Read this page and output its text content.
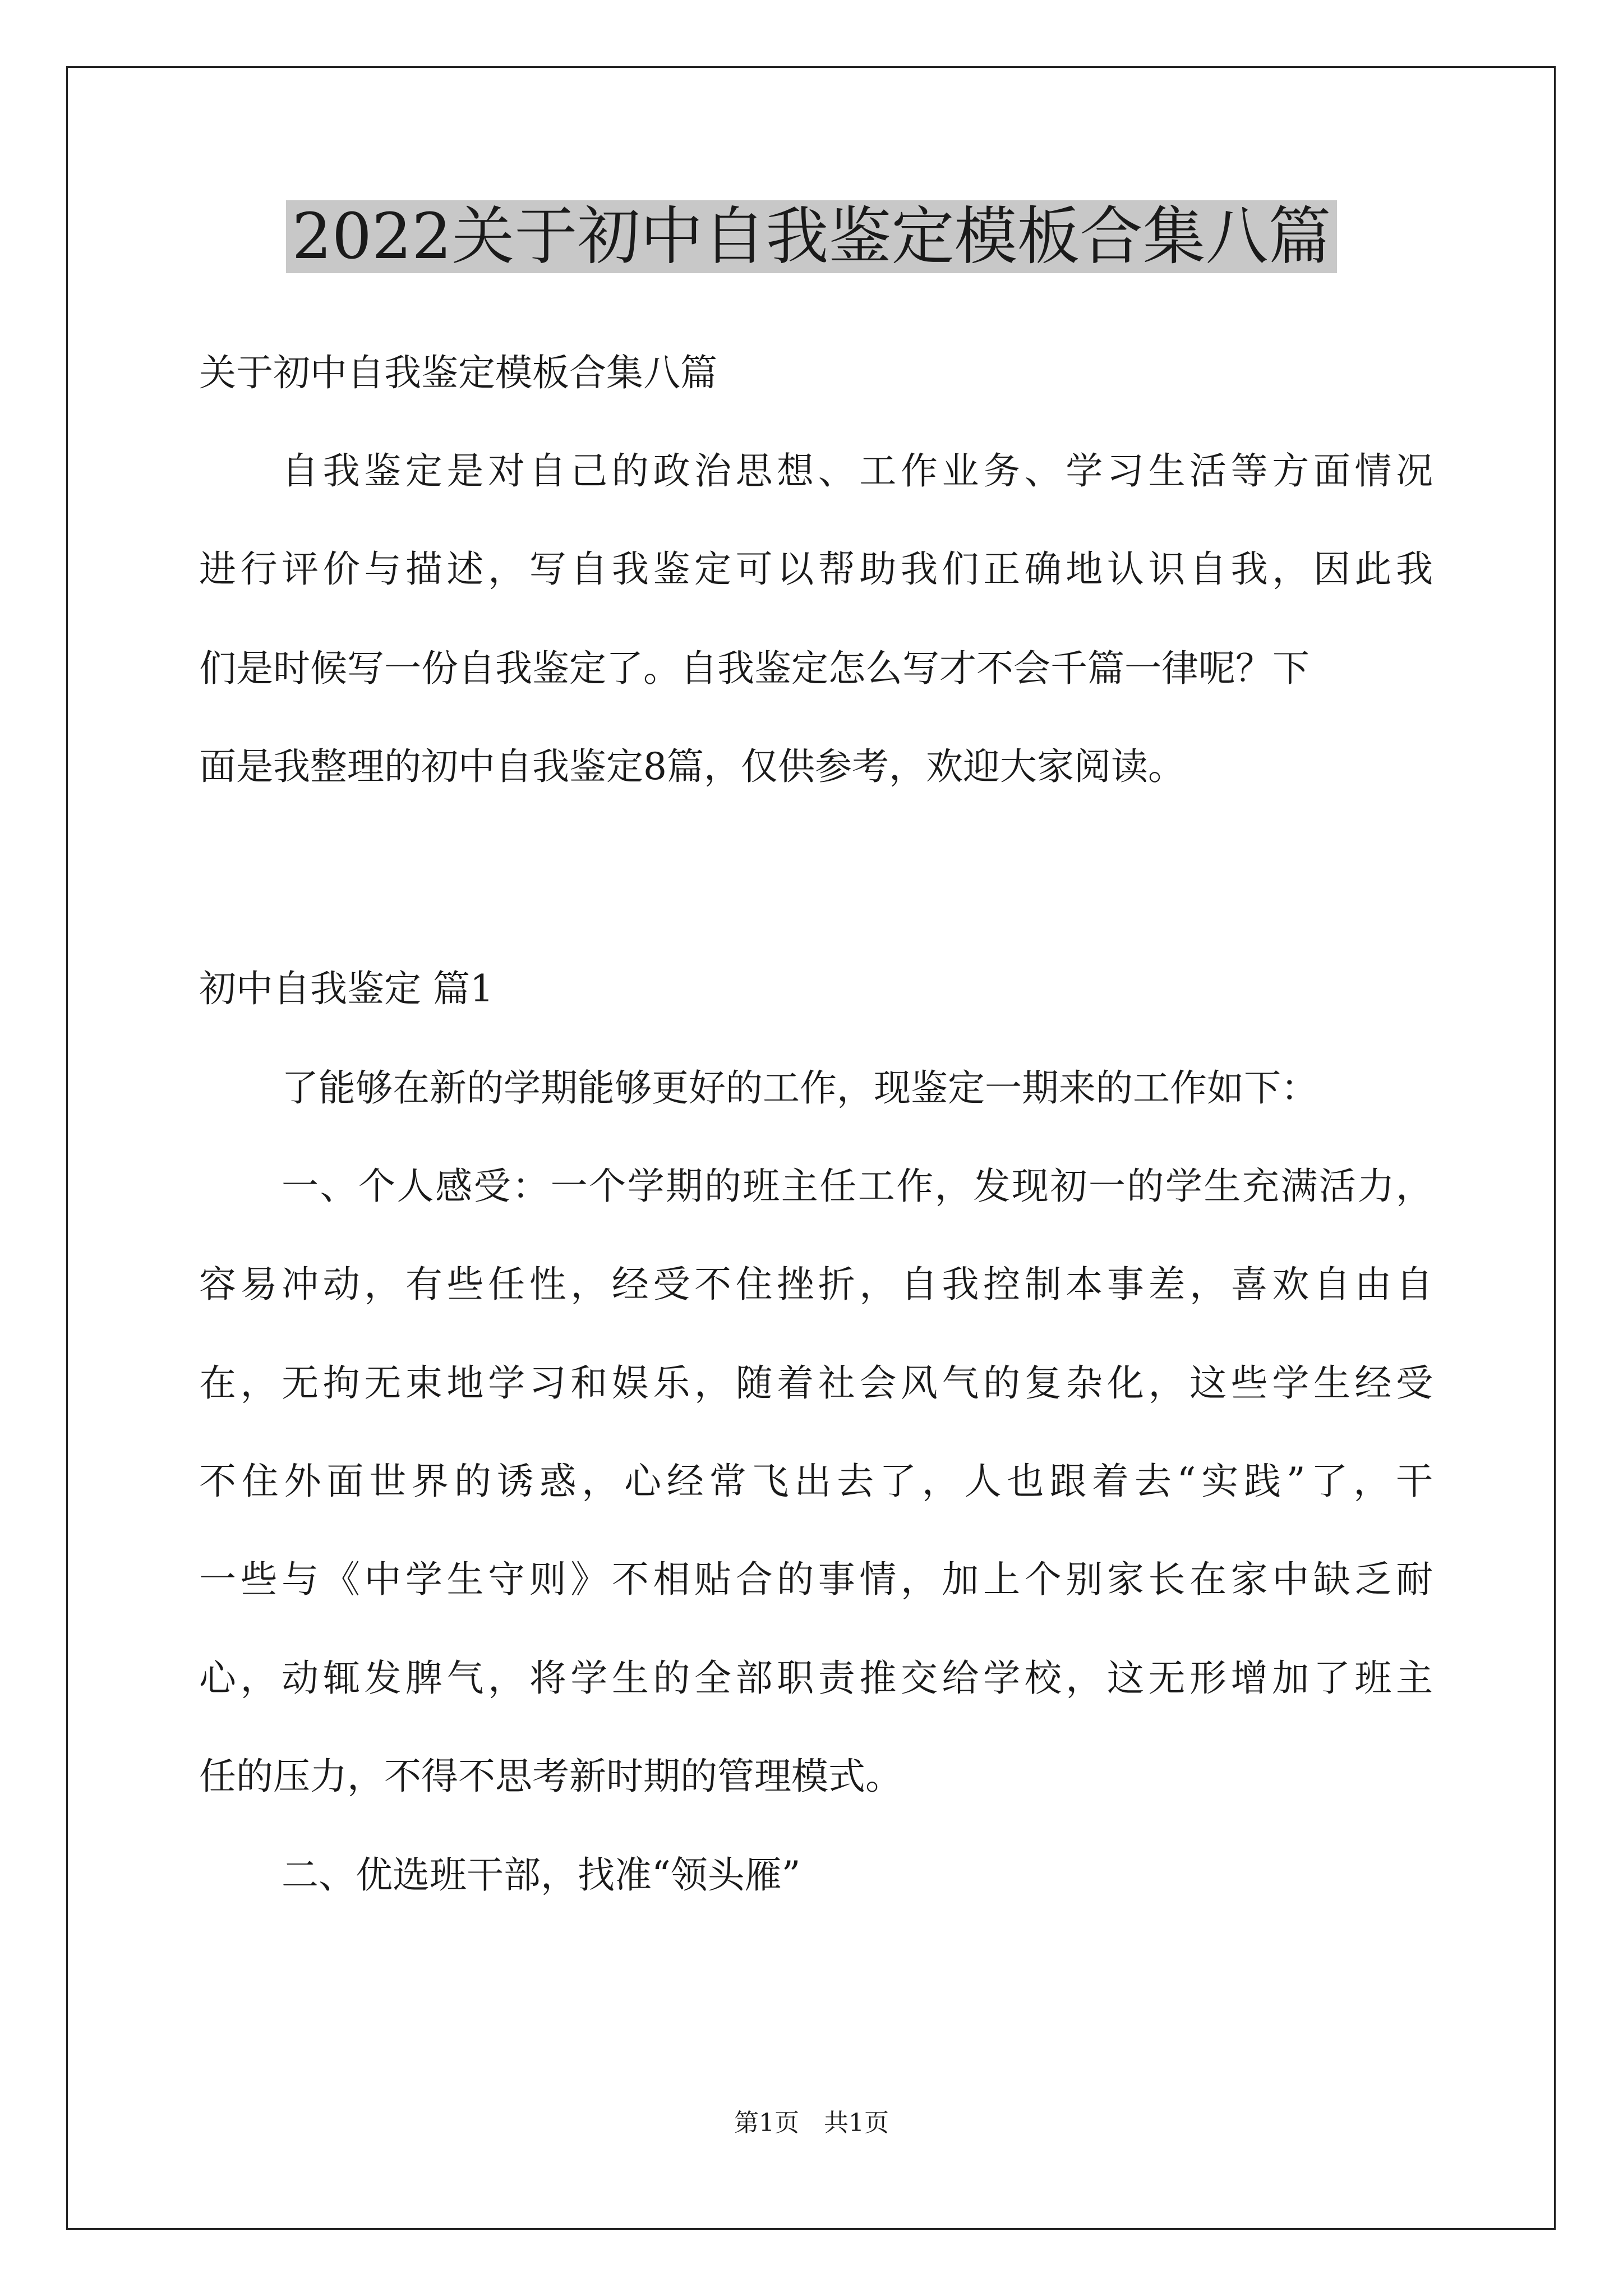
2022关于初中自我鉴定模板合集八篇
关于初中自我鉴定模板合集八篇
自我鉴定是对自己的政治思想、工作业务、学习生活等方面情况
进行评价与描述，写自我鉴定可以帮助我们正确地认识自我，因此我
们是时候写一份自我鉴定了。自我鉴定怎么写才不会千篇一律呢？下
面是我整理的初中自我鉴定8篇，仅供参考，欢迎大家阅读。
初中自我鉴定 篇1
了能够在新的学期能够更好的工作，现鉴定一期来的工作如下：
一、个人感受：一个学期的班主任工作，发现初一的学生充满活力，
容易冲动，有些任性，经受不住挫折，自我控制本事差，喜欢自由自
在，无拘无束地学习和娱乐，随着社会风气的复杂化，这些学生经受
不住外面世界的诱惑，心经常飞出去了，人也跟着去“实践”了，干
一些与《中学生守则》不相贴合的事情，加上个别家长在家中缺乏耐
心，动辄发脾气，将学生的全部职责推交给学校，这无形增加了班主
任的压力，不得不思考新时期的管理模式。
二、优选班干部，找准“领头雁”
第1页　共1页
